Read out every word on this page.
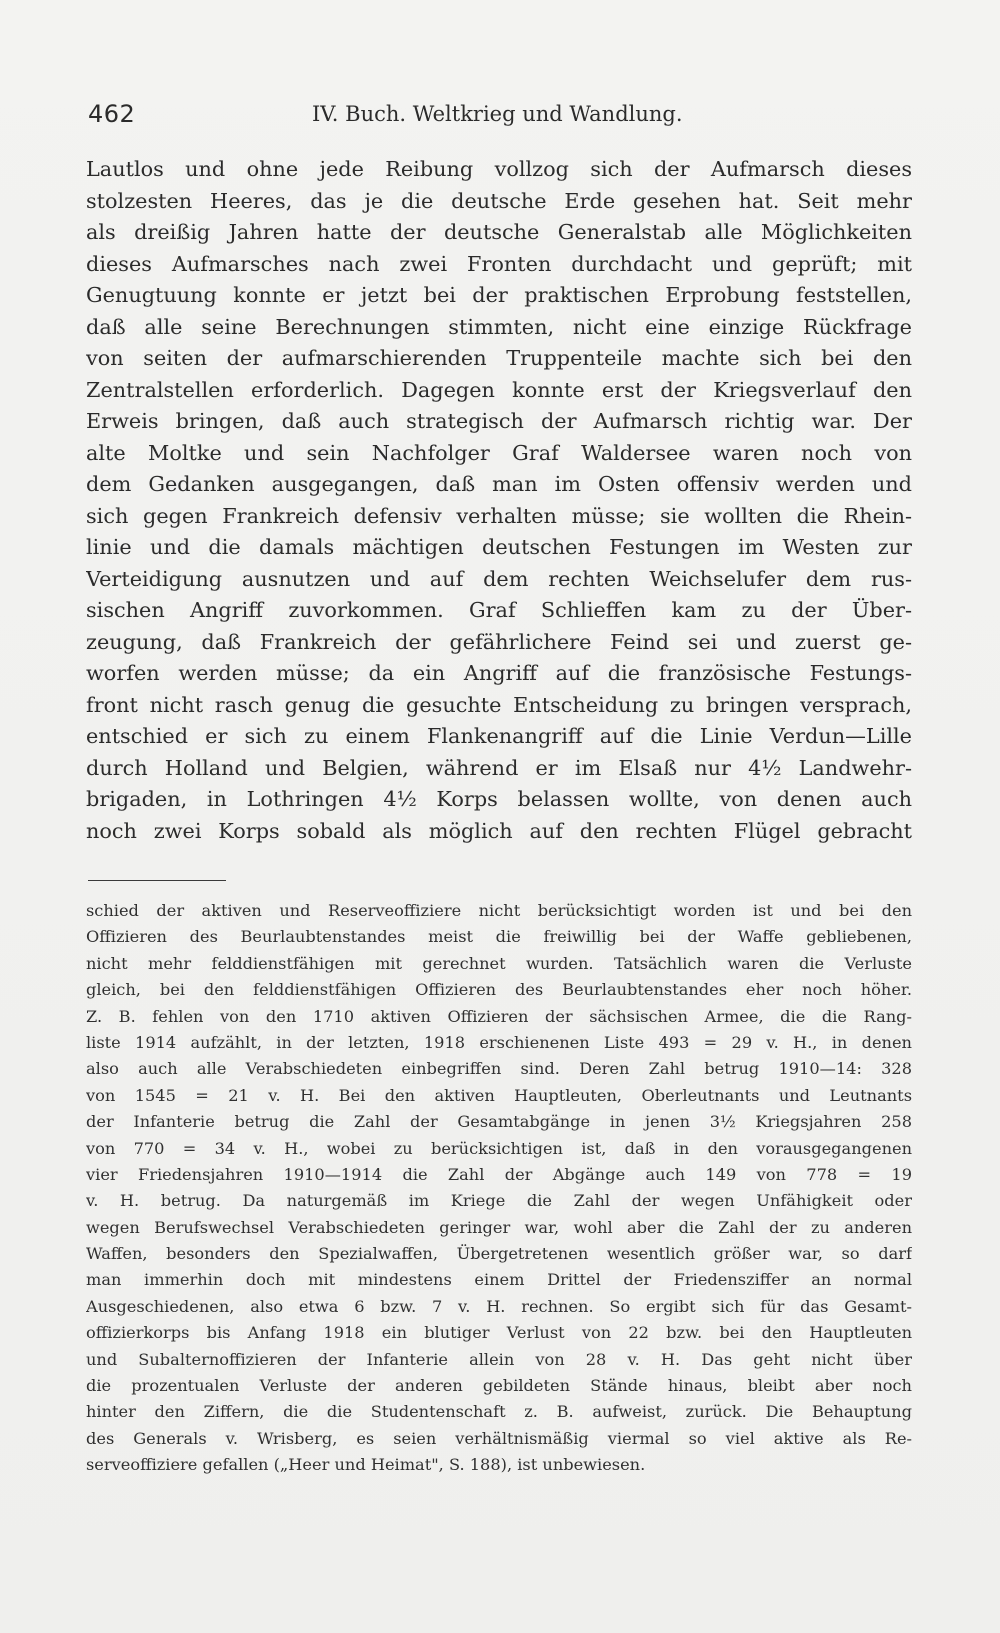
462	IV. Buch. Weltkrieg und Wandlung.
Lautlos und ohne jede Reibung vollzog sich der Aufmarsch dieses
stolzesten Heeres, das je die deutsche Erde gesehen hat. Seit mehr
als dreißig Jahren hatte der deutsche Generalstab alle Möglichkeiten
dieses Aufmarsches nach zwei Fronten durchdacht und geprüft; mit
Genugtuung konnte er jetzt bei der praktischen Erprobung feststellen,
daß alle seine Berechnungen stimmten, nicht eine einzige Rückfrage
von seiten der aufmarschierenden Truppenteile machte sich bei den
Zentralstellen erforderlich. Dagegen konnte erst der Kriegsverlauf den
Erweis bringen, daß auch strategisch der Aufmarsch richtig war. Der
alte Moltke und sein Nachfolger Graf Waldersee waren noch von
dem Gedanken ausgegangen, daß man im Osten offensiv werden und
sich gegen Frankreich defensiv verhalten müsse; sie wollten die Rhein-
linie und die damals mächtigen deutschen Festungen im Westen zur
Verteidigung ausnutzen und auf dem rechten Weichselufer dem rus-
sischen Angriff zuvorkommen. Graf Schlieffen kam zu der Über-
zeugung, daß Frankreich der gefährlichere Feind sei und zuerst ge-
worfen werden müsse; da ein Angriff auf die französische Festungs-
front nicht rasch genug die gesuchte Entscheidung zu bringen versprach,
entschied er sich zu einem Flankenangriff auf die Linie Verdun—Lille
durch Holland und Belgien, während er im Elsaß nur 4½ Landwehr-
brigaden, in Lothringen 4½ Korps belassen wollte, von denen auch
noch zwei Korps sobald als möglich auf den rechten Flügel gebracht
schied der aktiven und Reserveoffiziere nicht berücksichtigt worden ist und bei den
Offizieren des Beurlaubtenstandes meist die freiwillig bei der Waffe gebliebenen,
nicht mehr felddienstfähigen mit gerechnet wurden. Tatsächlich waren die Verluste
gleich, bei den felddienstfähigen Offizieren des Beurlaubtenstandes eher noch höher.
Z. B. fehlen von den 1710 aktiven Offizieren der sächsischen Armee, die die Rang-
liste 1914 aufzählt, in der letzten, 1918 erschienenen Liste 493 = 29 v. H., in denen
also auch alle Verabschiedeten einbegriffen sind. Deren Zahl betrug 1910—14: 328
von 1545 = 21 v. H. Bei den aktiven Hauptleuten, Oberleutnants und Leutnants
der Infanterie betrug die Zahl der Gesamtabgänge in jenen 3½ Kriegsjahren 258
von 770 = 34 v. H., wobei zu berücksichtigen ist, daß in den vorausgegangenen
vier Friedensjahren 1910—1914 die Zahl der Abgänge auch 149 von 778 = 19
v. H. betrug. Da naturgemäß im Kriege die Zahl der wegen Unfähigkeit oder
wegen Berufswechsel Verabschiedeten geringer war, wohl aber die Zahl der zu anderen
Waffen, besonders den Spezialwaffen, Übergetretenen wesentlich größer war, so darf
man immerhin doch mit mindestens einem Drittel der Friedensziffer an normal
Ausgeschiedenen, also etwa 6 bzw. 7 v. H. rechnen. So ergibt sich für das Gesamt-
offizierkorps bis Anfang 1918 ein blutiger Verlust von 22 bzw. bei den Hauptleuten
und Subalternoffizieren der Infanterie allein von 28 v. H. Das geht nicht über
die prozentualen Verluste der anderen gebildeten Stände hinaus, bleibt aber noch
hinter den Ziffern, die die Studentenschaft z. B. aufweist, zurück. Die Behauptung
des Generals v. Wrisberg, es seien verhältnismäßig viermal so viel aktive als Re-
serveoffiziere gefallen („Heer und Heimat", S. 188), ist unbewiesen.
